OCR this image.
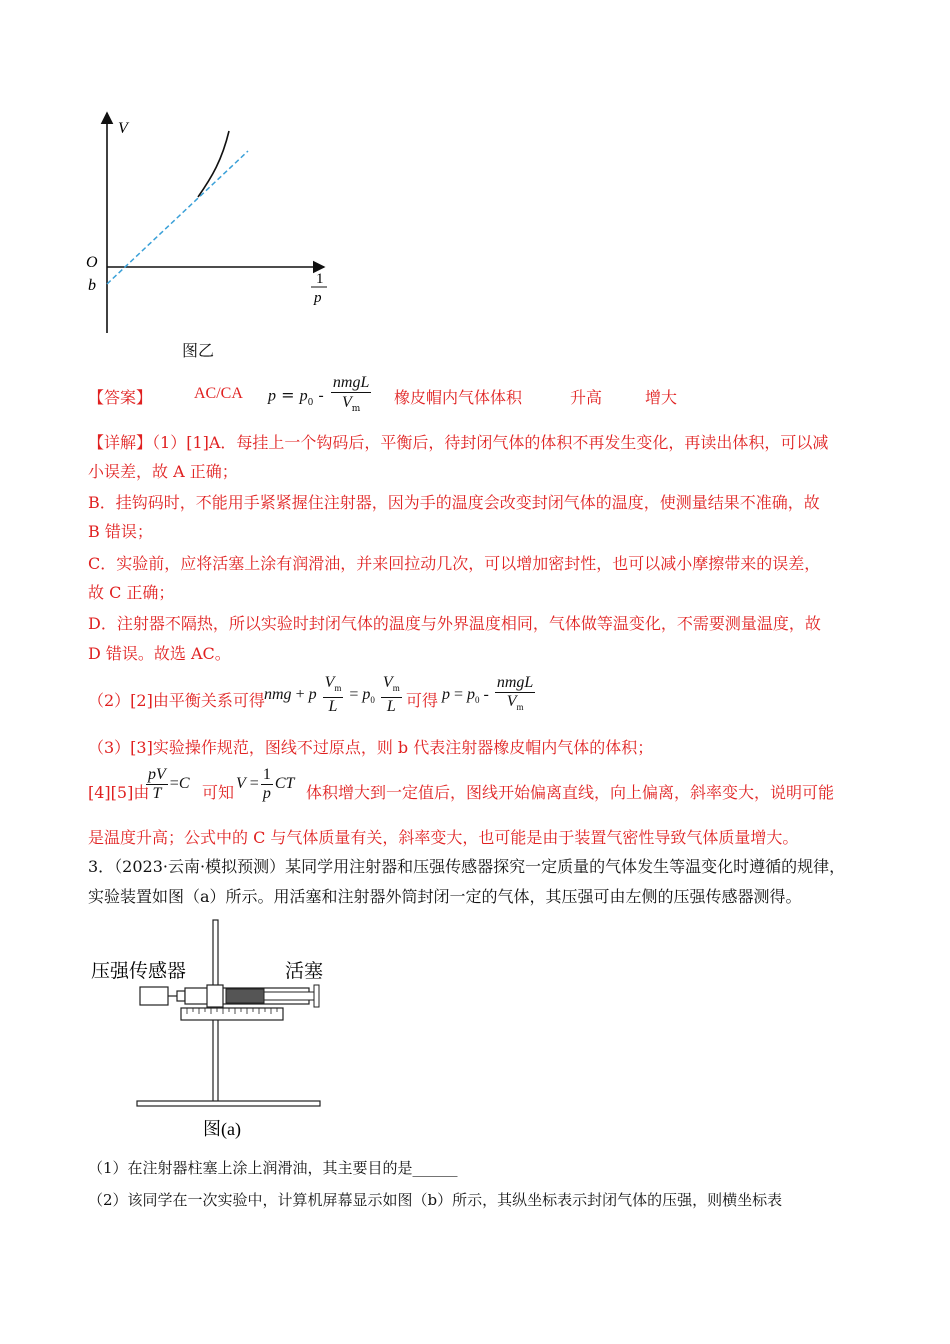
V
O
b	1
p
图乙
【答案】	AC/CA $p = p_0 - \frac{\text{nmgL}}{V_m}$ 橡皮帽内气体体积	升高	增大
【详解】（1）[1]A．每挂上一个钩码后，平衡后，待封闭气体的体积不再发生变化，再读出体积，可以减
小误差，故 A 正确；
B．挂钩码时，不能用手紧紧握住注射器，因为手的温度会改变封闭气体的温度，使测量结果不准确，故
B 错误；
C．实验前，应将活塞上涂有润滑油，并来回拉动几次，可以增加密封性，也可以减小摩擦带来的误差，
故 C 正确；
D．注射器不隔热，所以实验时封闭气体的温度与外界温度相同，气体做等温变化，不需要测量温度，故
D 错误。故选 AC。
（2）[2]由平衡关系可得 nmg + p $\frac{V_m}{L} = p_0 \frac{V_m}{L}$ 可得 $p = p_0 - \frac{\text{nmgL}}{V_m}$
（3）[3]实验操作规范，图线不过原点，则 b 代表注射器橡皮帽内气体的体积；
[4][5]由
$\frac{pV}{T} =C$ 可知 $V = \frac{1}{p}$ CT 体积增大到一定值后，图线开始偏离直线，向上偏离，斜率变大，说明可能
是温度升高；公式中的 C 与气体质量有关，斜率变大，也可能是由于装置气密性导致气体质量增大。
3．（2023·云南·模拟预测）某同学用注射器和压强传感器探究一定质量的气体发生等温变化时遵循的规律，
实验装置如图（a）所示。用活塞和注射器外筒封闭一定的气体，其压强可由左侧的压强传感器测得。
压强传感器	活塞
图(a)
（1）在注射器柱塞上涂上润滑油，其主要目的是______
（2）该同学在一次实验中，计算机屏幕显示如图（b）所示，其纵坐标表示封闭气体的压强，则横坐标表
